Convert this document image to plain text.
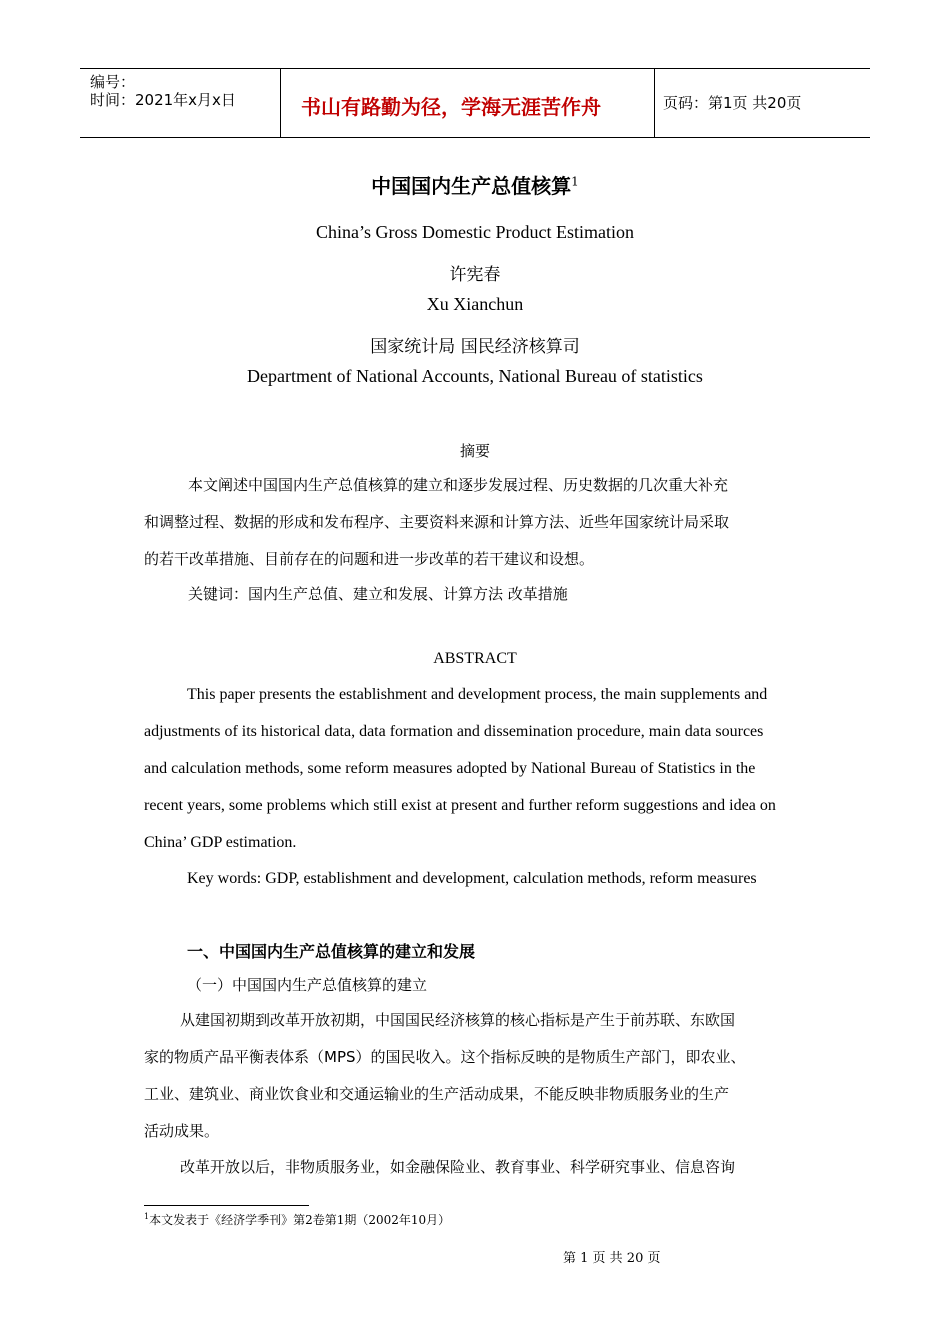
编号：
时间：2021年x月x日	书山有路勤为径，学海无涯苦作舟	页码：第1页 共20页
中国国内生产总值核算$^1$
China’s Gross Domestic Product Estimation
许宪春
Xu Xianchun
国家统计局 国民经济核算司
Department of National Accounts, National Bureau of statistics
摘要
本文阐述中国国内生产总值核算的建立和逐步发展过程、历史数据的几次重大补充
和调整过程、数据的形成和发布程序、主要资料来源和计算方法、近些年国家统计局采取
的若干改革措施、目前存在的问题和进一步改革的若干建议和设想。
关键词：国内生产总值、建立和发展、计算方法 改革措施
ABSTRACT
This paper presents the establishment and development process, the main supplements and
adjustments of its historical data, data formation and dissemination procedure, main data sources
and calculation methods, some reform measures adopted by National Bureau of Statistics in the
recent years, some problems which still exist at present and further reform suggestions and idea on
China’ GDP estimation.
Key words: GDP, establishment and development, calculation methods, reform measures
一、中国国内生产总值核算的建立和发展
（一）中国国内生产总值核算的建立
从建国初期到改革开放初期，中国国民经济核算的核心指标是产生于前苏联、东欧国
家的物质产品平衡表体系（MPS）的国民收入。这个指标反映的是物质生产部门，即农业、
工业、建筑业、商业饮食业和交通运输业的生产活动成果，不能反映非物质服务业的生产
活动成果。
改革开放以后，非物质服务业，如金融保险业、教育事业、科学研究事业、信息咨询
$^1$本文发表于《经济学季刊》第2卷第1期（2002年10月）
第 1 页 共 20 页
